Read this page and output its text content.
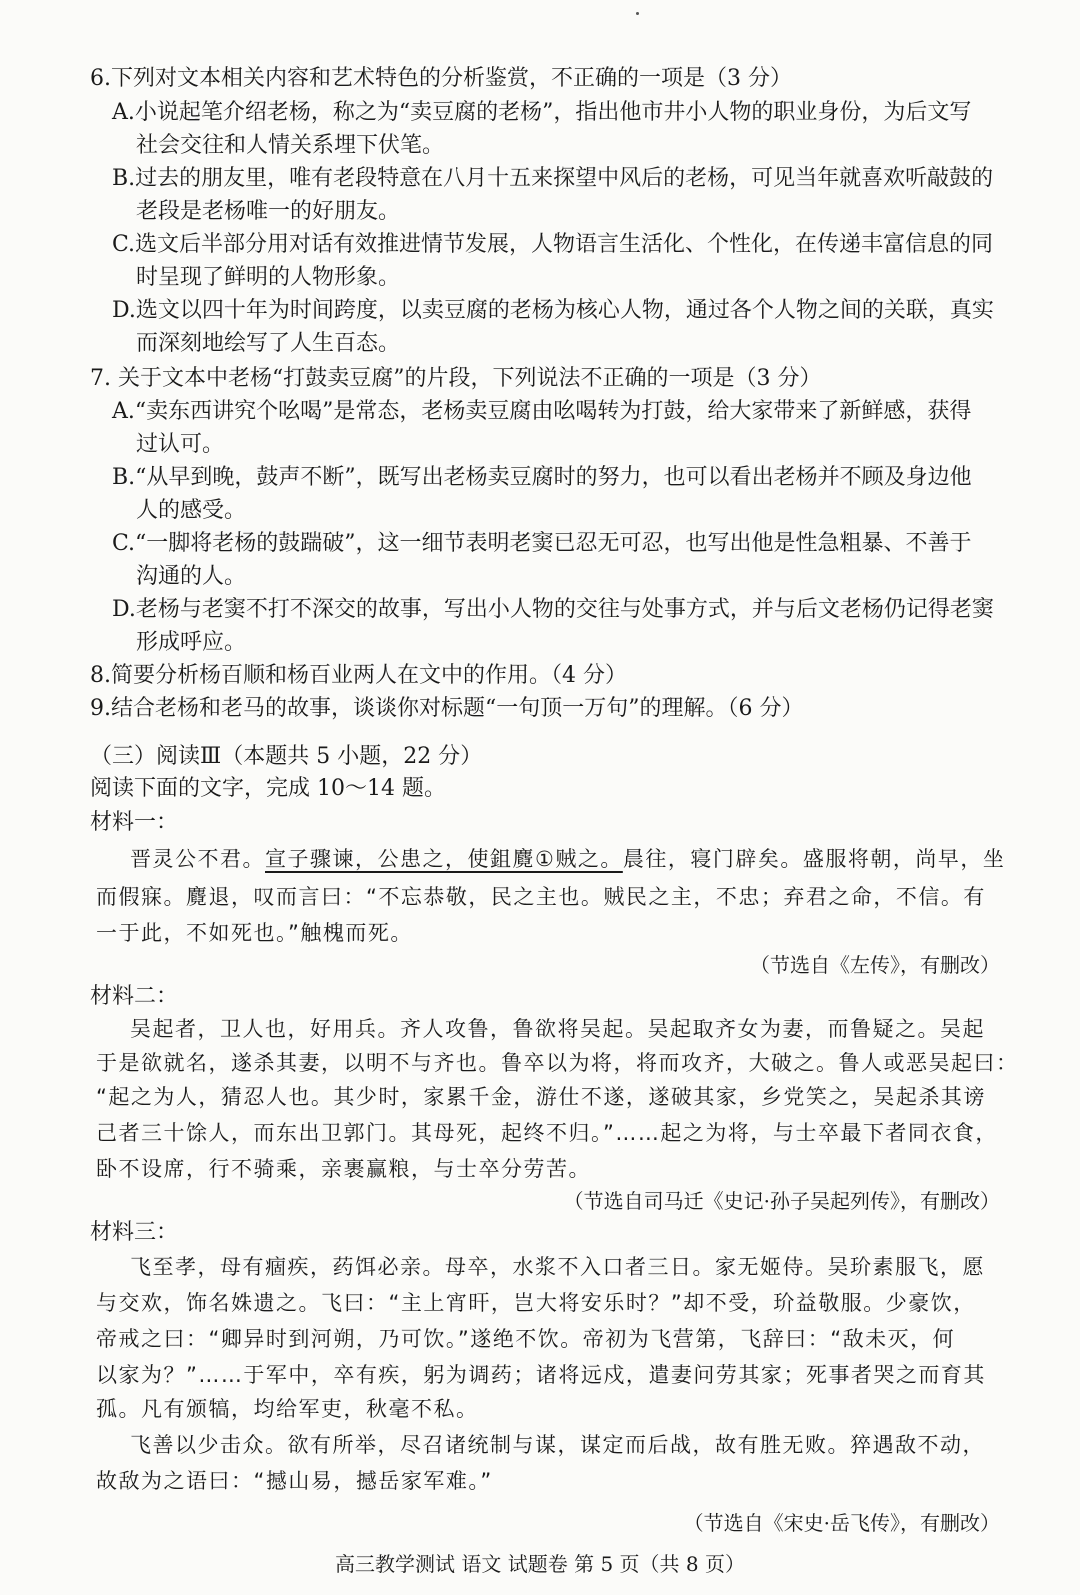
6.下列对文本相关内容和艺术特色的分析鉴赏，不正确的一项是（3 分）
A.小说起笔介绍老杨，称之为“卖豆腐的老杨”，指出他市井小人物的职业身份，为后文写
社会交往和人情关系埋下伏笔。
B.过去的朋友里，唯有老段特意在八月十五来探望中风后的老杨，可见当年就喜欢听敲鼓的
老段是老杨唯一的好朋友。
C.选文后半部分用对话有效推进情节发展，人物语言生活化、个性化，在传递丰富信息的同
时呈现了鲜明的人物形象。
D.选文以四十年为时间跨度，以卖豆腐的老杨为核心人物，通过各个人物之间的关联，真实
而深刻地绘写了人生百态。
7. 关于文本中老杨“打鼓卖豆腐”的片段，下列说法不正确的一项是（3 分）
A.“卖东西讲究个吆喝”是常态，老杨卖豆腐由吆喝转为打鼓，给大家带来了新鲜感，获得
过认可。
B.“从早到晚，鼓声不断”，既写出老杨卖豆腐时的努力，也可以看出老杨并不顾及身边他
人的感受。
C.“一脚将老杨的鼓踹破”，这一细节表明老窦已忍无可忍，也写出他是性急粗暴、不善于
沟通的人。
D.老杨与老窦不打不深交的故事，写出小人物的交往与处事方式，并与后文老杨仍记得老窦
形成呼应。
8.简要分析杨百顺和杨百业两人在文中的作用。（4 分）
9.结合老杨和老马的故事，谈谈你对标题“一句顶一万句”的理解。（6 分）
（三）阅读Ⅲ（本题共 5 小题，22 分）
阅读下面的文字，完成 10～14 题。
材料一：
晋灵公不君。宣子骤谏，公患之，使鉏麑①贼之。晨往，寝门辟矣。盛服将朝，尚早，坐
而假寐。麑退，叹而言曰：“不忘恭敬，民之主也。贼民之主，不忠；弃君之命，不信。有
一于此，不如死也。”触槐而死。
（节选自《左传》，有删改）
材料二：
吴起者，卫人也，好用兵。齐人攻鲁，鲁欲将吴起。吴起取齐女为妻，而鲁疑之。吴起
于是欲就名，遂杀其妻，以明不与齐也。鲁卒以为将，将而攻齐，大破之。鲁人或恶吴起曰：
“起之为人，猜忍人也。其少时，家累千金，游仕不遂，遂破其家，乡党笑之，吴起杀其谤
己者三十馀人，而东出卫郭门。其母死，起终不归。”……起之为将，与士卒最下者同衣食，
卧不设席，行不骑乘，亲裹赢粮，与士卒分劳苦。
（节选自司马迁《史记·孙子吴起列传》，有删改）
材料三：
飞至孝，母有痼疾，药饵必亲。母卒，水浆不入口者三日。家无姬侍。吴玠素服飞，愿
与交欢，饰名姝遗之。飞曰：“主上宵旰，岂大将安乐时？”却不受，玠益敬服。少豪饮，
帝戒之曰：“卿异时到河朔，乃可饮。”遂绝不饮。帝初为飞营第，飞辞曰：“敌未灭，何
以家为？”……于军中，卒有疾，躬为调药；诸将远戍，遣妻问劳其家；死事者哭之而育其
孤。凡有颁犒，均给军吏，秋毫不私。
飞善以少击众。欲有所举，尽召诸统制与谋，谋定而后战，故有胜无败。猝遇敌不动，
故敌为之语曰：“撼山易，撼岳家军难。”
（节选自《宋史·岳飞传》，有删改）
高三教学测试 语文 试题卷 第 5 页（共 8 页）
